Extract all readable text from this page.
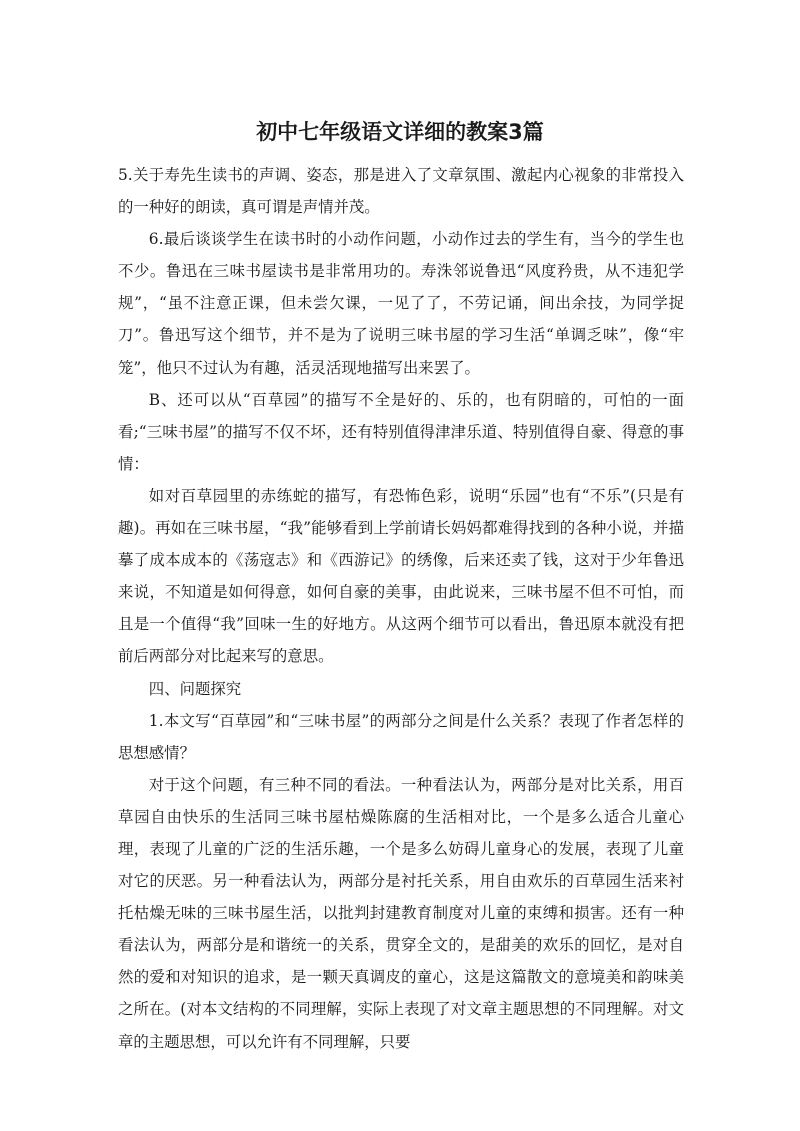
初中七年级语文详细的教案3篇

5.关于寿先生读书的声调、姿态，那是进入了文章氛围、激起内心视象的非常投入的一种好的朗读，真可谓是声情并茂。

6.最后谈谈学生在读书时的小动作问题，小动作过去的学生有，当今的学生也不少。鲁迅在三味书屋读书是非常用功的。寿洙邻说鲁迅“风度矜贵，从不违犯学规”，“虽不注意正课，但未尝欠课，一见了了，不劳记诵，间出余技，为同学捉刀”。鲁迅写这个细节，并不是为了说明三味书屋的学习生活“单调乏味”，像“牢笼”，他只不过认为有趣，活灵活现地描写出来罢了。

B、还可以从“百草园”的描写不全是好的、乐的，也有阴暗的，可怕的一面看;“三味书屋”的描写不仅不坏，还有特别值得津津乐道、特别值得自豪、得意的事情：

如对百草园里的赤练蛇的描写，有恐怖色彩，说明“乐园”也有“不乐”(只是有趣)。再如在三味书屋，“我”能够看到上学前请长妈妈都难得找到的各种小说，并描摹了成本成本的《荡寇志》和《西游记》的绣像，后来还卖了钱，这对于少年鲁迅来说，不知道是如何得意，如何自豪的美事，由此说来，三味书屋不但不可怕，而且是一个值得“我”回味一生的好地方。从这两个细节可以看出，鲁迅原本就没有把前后两部分对比起来写的意思。

四、问题探究

1.本文写“百草园”和“三味书屋”的两部分之间是什么关系？表现了作者怎样的思想感情？

对于这个问题，有三种不同的看法。一种看法认为，两部分是对比关系，用百草园自由快乐的生活同三味书屋枯燥陈腐的生活相对比，一个是多么适合儿童心理，表现了儿童的广泛的生活乐趣，一个是多么妨碍儿童身心的发展，表现了儿童对它的厌恶。另一种看法认为，两部分是衬托关系，用自由欢乐的百草园生活来衬托枯燥无味的三味书屋生活，以批判封建教育制度对儿童的束缚和损害。还有一种看法认为，两部分是和谐统一的关系，贯穿全文的，是甜美的欢乐的回忆，是对自然的爱和对知识的追求，是一颗天真调皮的童心，这是这篇散文的意境美和韵味美之所在。(对本文结构的不同理解，实际上表现了对文章主题思想的不同理解。对文章的主题思想，可以允许有不同理解，只要
